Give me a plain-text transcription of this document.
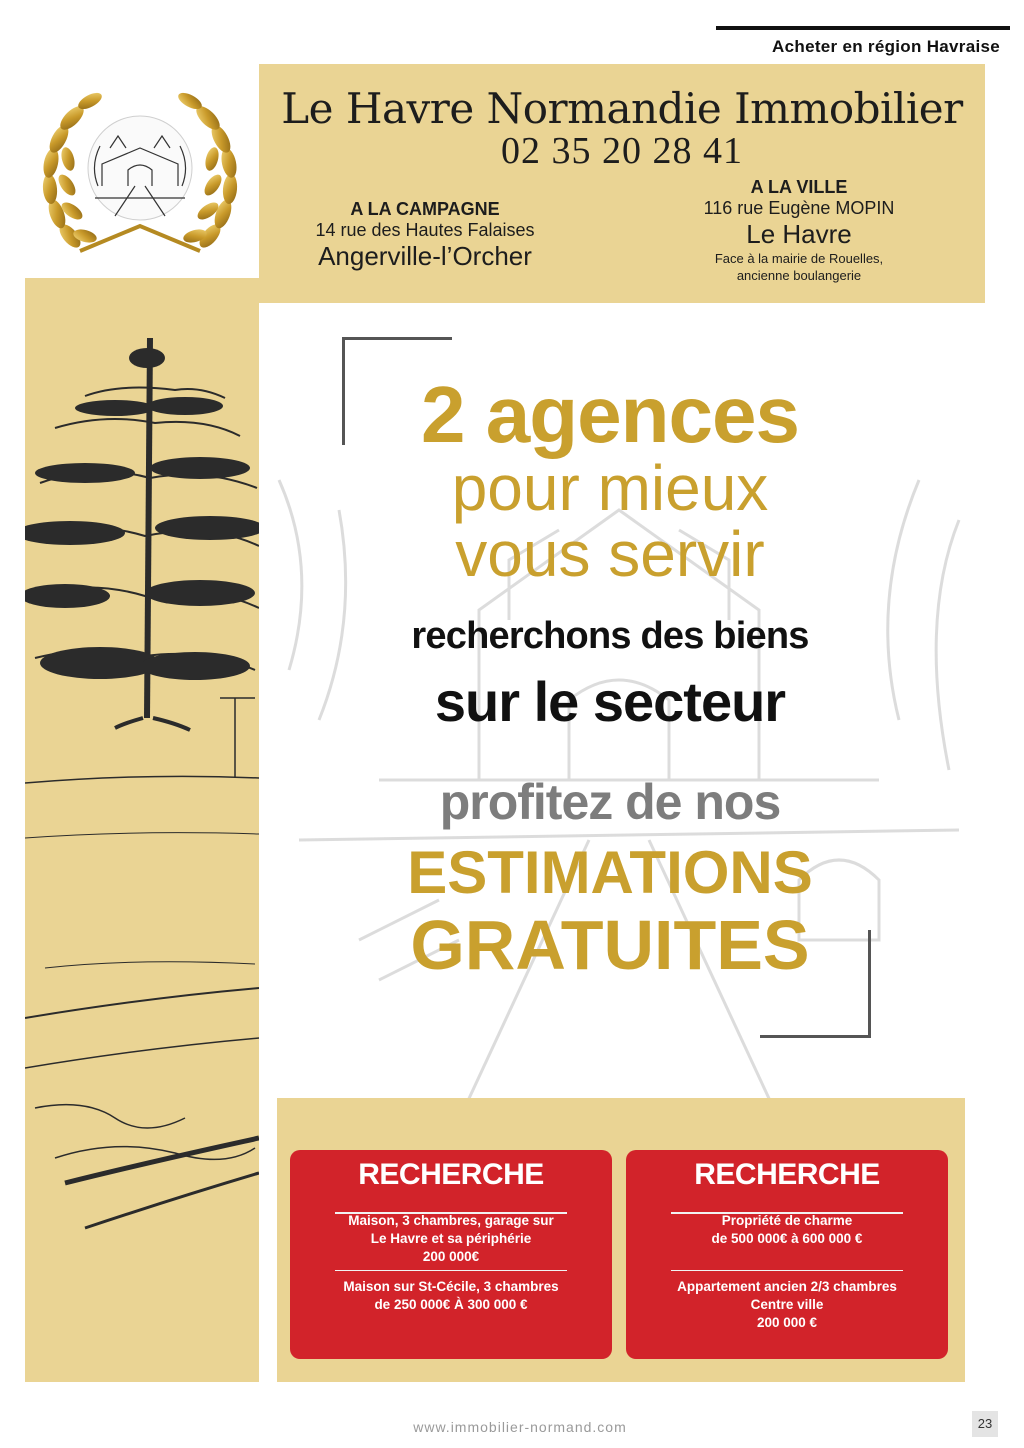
Acheter en région Havraise
Le Havre Normandie Immobilier
02 35 20 28 41
A LA CAMPAGNE
14 rue des Hautes Falaises
Angerville-l’Orcher
A LA VILLE
116 rue Eugène MOPIN
Le Havre
Face à la mairie de Rouelles,
ancienne boulangerie
2 agences
pour mieux
vous servir
recherchons des biens
sur le secteur
profitez de nos
ESTIMATIONS
GRATUITES
RECHERCHE
Maison, 3 chambres, garage sur
Le Havre et sa périphérie
200 000€
Maison sur St-Cécile, 3 chambres
de 250 000€ À 300 000 €
RECHERCHE
Propriété de charme
de 500 000€ à 600 000 €
Appartement ancien 2/3 chambres
Centre ville
200 000 €
www.immobilier-normand.com	23
